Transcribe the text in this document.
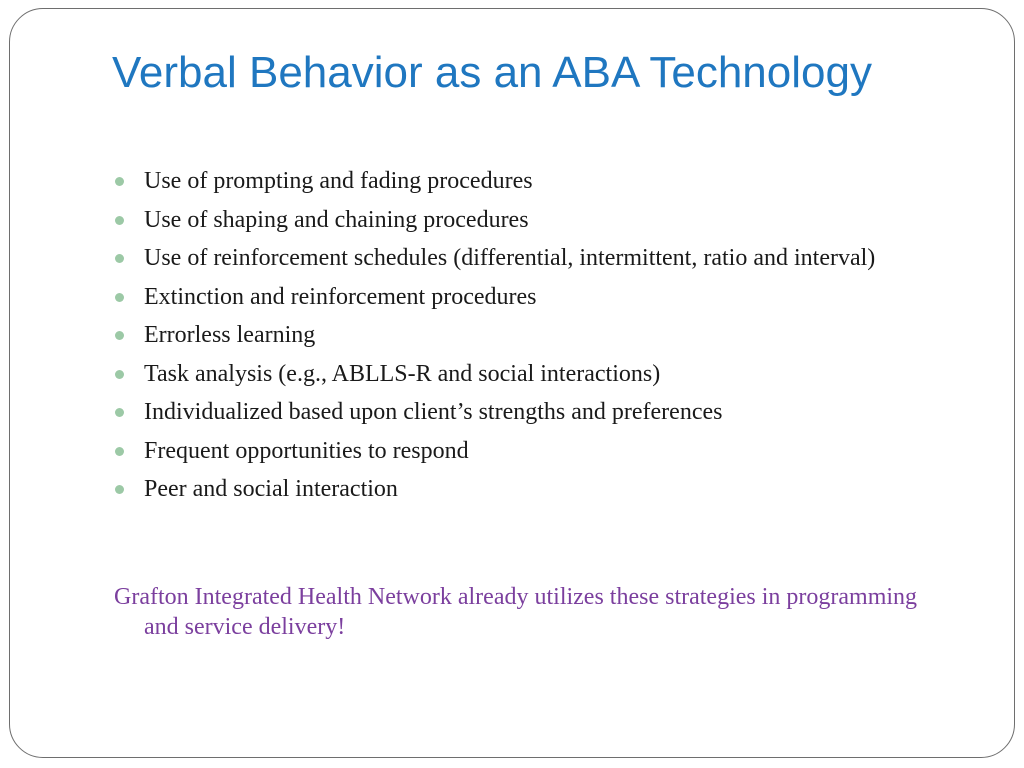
Verbal Behavior as an ABA Technology
Use of prompting and fading procedures
Use of shaping and chaining procedures
Use of reinforcement schedules (differential, intermittent, ratio and interval)
Extinction and reinforcement procedures
Errorless learning
Task analysis (e.g., ABLLS-R and social interactions)
Individualized based upon client’s strengths and preferences
Frequent opportunities to respond
Peer and social interaction

Grafton Integrated Health Network already utilizes these strategies in programming and service delivery!
